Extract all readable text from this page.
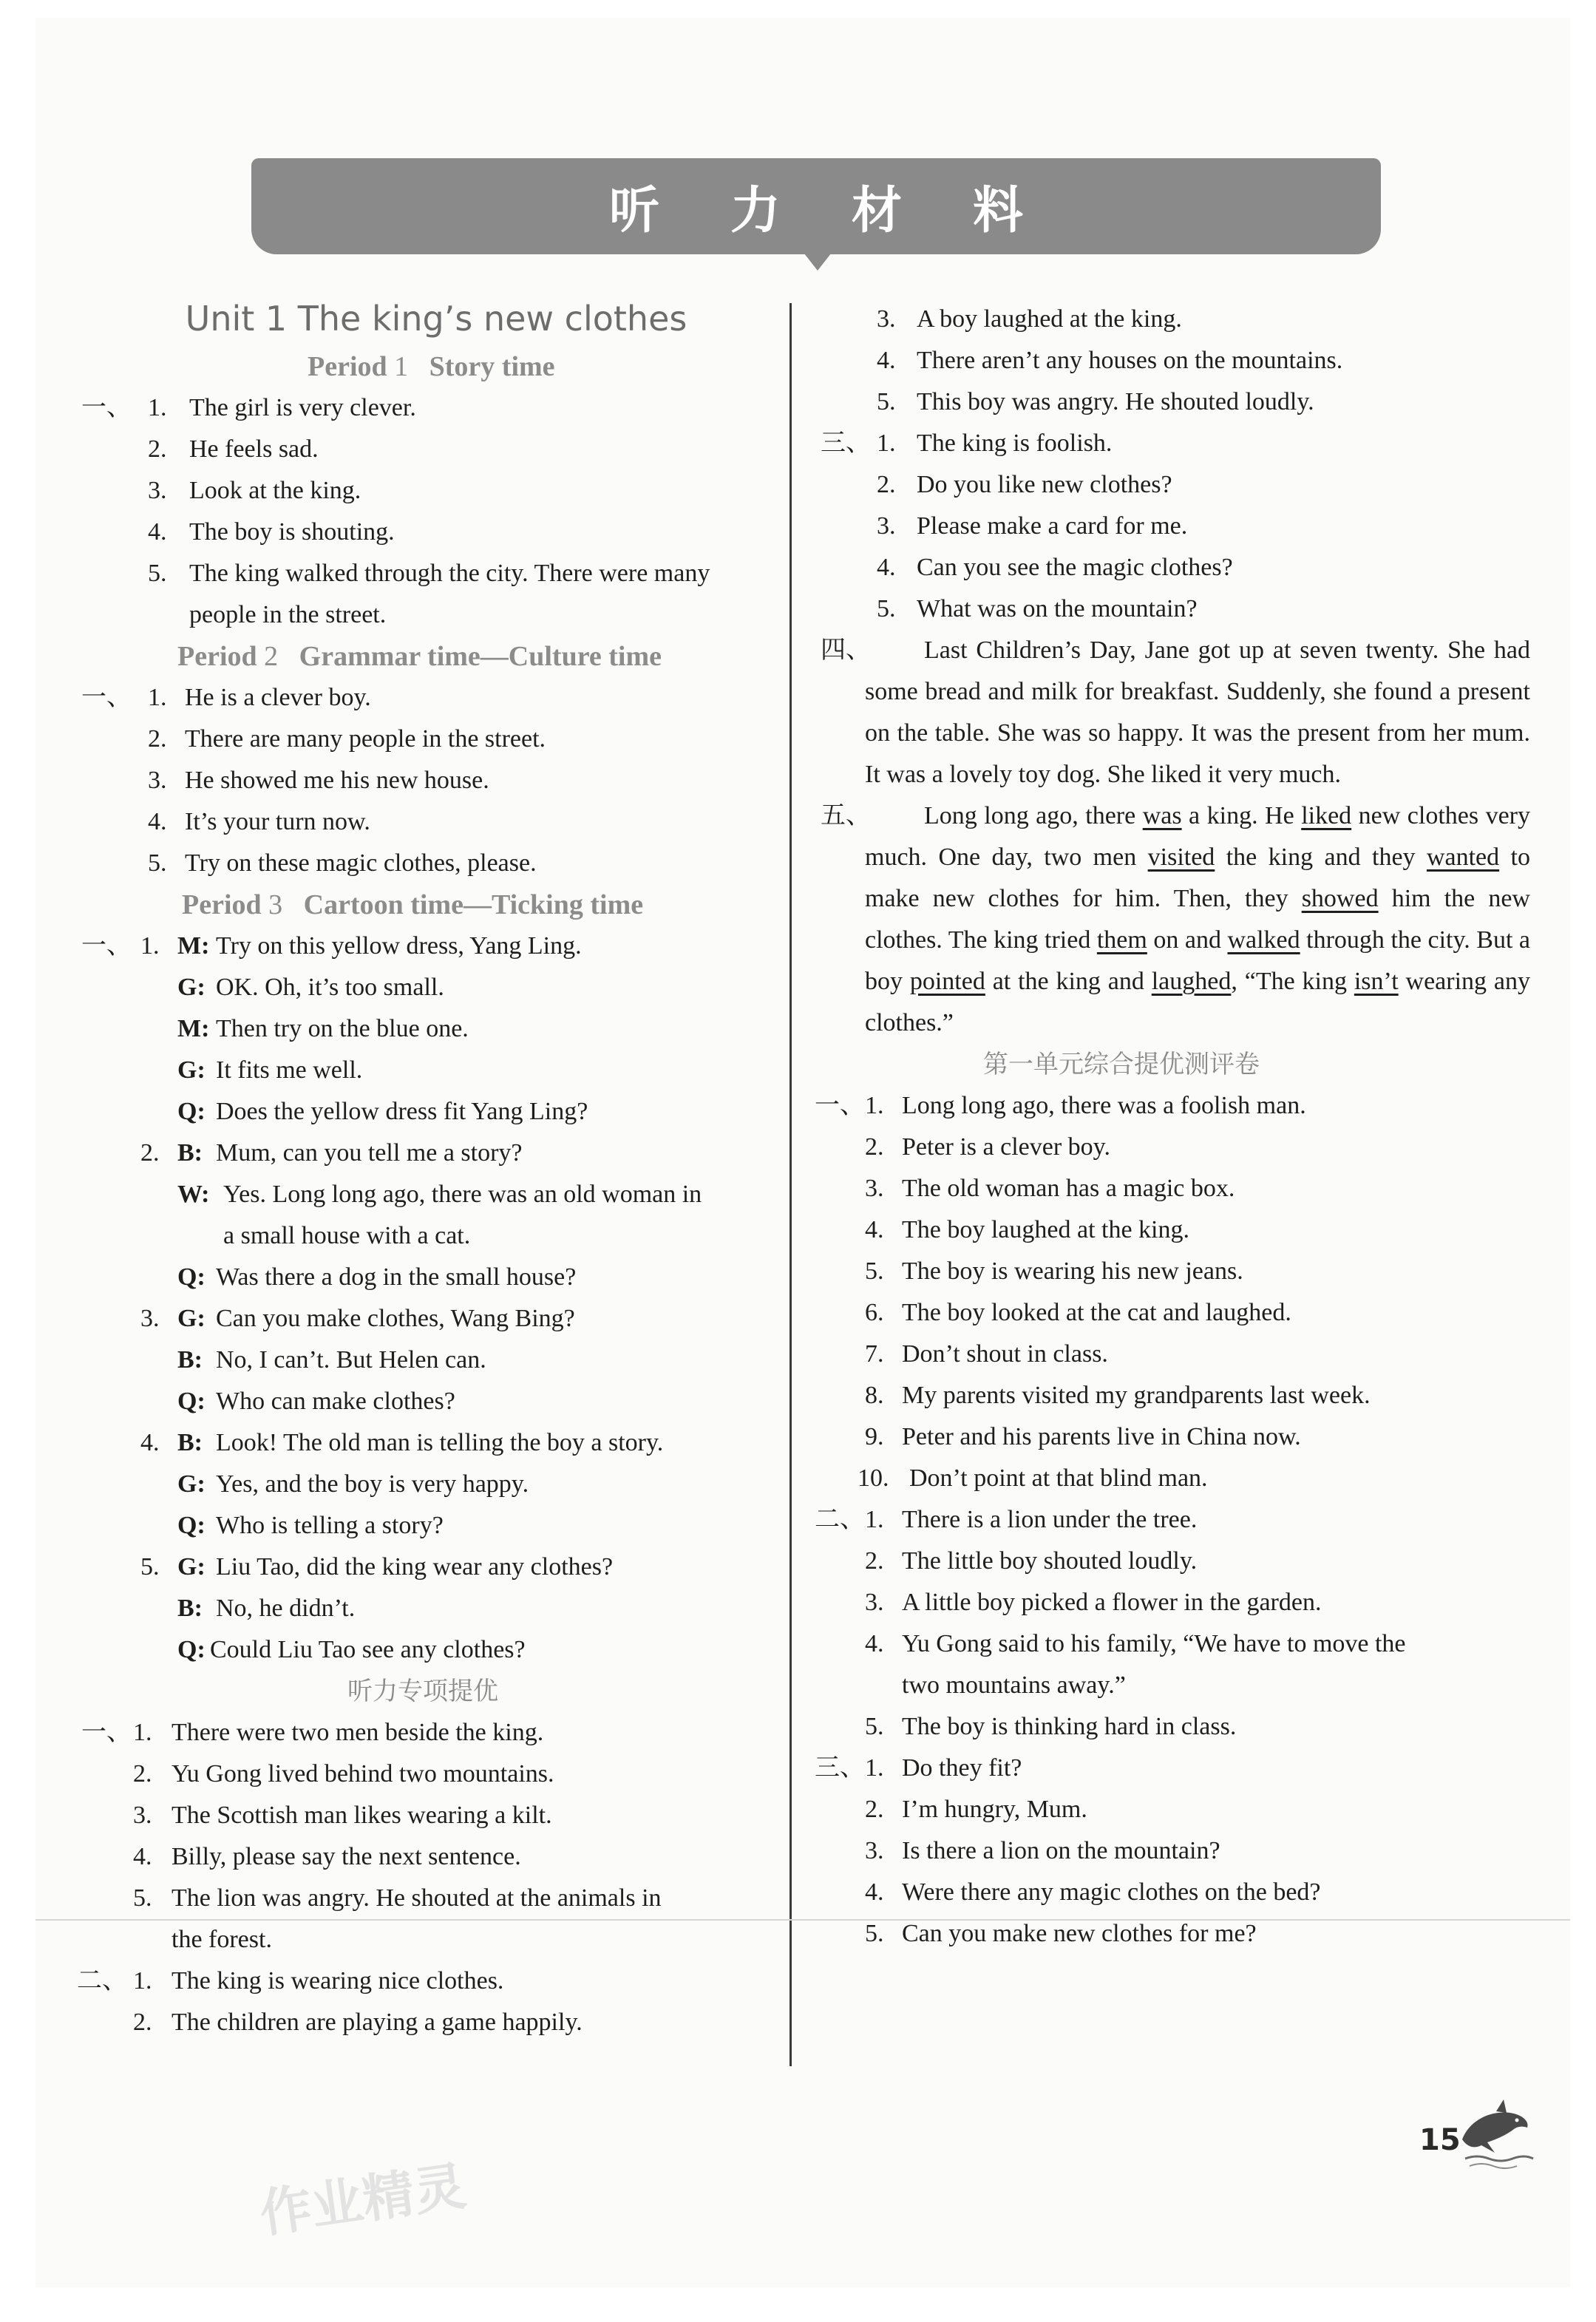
听力材料
Unit 1 The king’s new clothes
Period 1 Story time
一、 1. The girl is very clever.
2. He feels sad.
3. Look at the king.
4. The boy is shouting.
5. The king walked through the city. There were many
people in the street.
Period 2 Grammar time—Culture time
一、 1. He is a clever boy.
2. There are many people in the street.
3. He showed me his new house.
4. It’s your turn now.
5. Try on these magic clothes, please.
Period 3 Cartoon time—Ticking time
一、 1. M: Try on this yellow dress, Yang Ling.
G: OK. Oh, it’s too small.
M: Then try on the blue one.
G: It fits me well.
Q: Does the yellow dress fit Yang Ling?
2. B: Mum, can you tell me a story?
W: Yes. Long long ago, there was an old woman in
a small house with a cat.
Q: Was there a dog in the small house?
3. G: Can you make clothes, Wang Bing?
B: No, I can’t. But Helen can.
Q: Who can make clothes?
4. B: Look! The old man is telling the boy a story.
G: Yes, and the boy is very happy.
Q: Who is telling a story?
5. G: Liu Tao, did the king wear any clothes?
B: No, he didn’t.
Q: Could Liu Tao see any clothes?
听力专项提优
一、 1. There were two men beside the king.
2. Yu Gong lived behind two mountains.
3. The Scottish man likes wearing a kilt.
4. Billy, please say the next sentence.
5. The lion was angry. He shouted at the animals in
the forest.
二、 1. The king is wearing nice clothes.
2. The children are playing a game happily.
3. A boy laughed at the king.
4. There aren’t any houses on the mountains.
5. This boy was angry. He shouted loudly.
三、 1. The king is foolish.
2. Do you like new clothes?
3. Please make a card for me.
4. Can you see the magic clothes?
5. What was on the mountain?
四、	Last Children’s Day, Jane got up at seven twenty. She had some bread and milk for breakfast. Suddenly, she found a present on the table. She was so happy. It was the present from her mum. It was a lovely toy dog. She liked it very much.
五、	Long long ago, there was a king. He liked new clothes very much. One day, two men visited the king and they wanted to make new clothes for him. Then, they showed him the new clothes. The king tried them on and walked through the city. But a boy pointed at the king and laughed, “The king isn’t wearing any clothes.”
第一单元综合提优测评卷
一、 1. Long long ago, there was a foolish man.
2. Peter is a clever boy.
3. The old woman has a magic box.
4. The boy laughed at the king.
5. The boy is wearing his new jeans.
6. The boy looked at the cat and laughed.
7. Don’t shout in class.
8. My parents visited my grandparents last week.
9. Peter and his parents live in China now.
10. Don’t point at that blind man.
二、 1. There is a lion under the tree.
2. The little boy shouted loudly.
3. A little boy picked a flower in the garden.
4. Yu Gong said to his family, “We have to move the
two mountains away.”
5. The boy is thinking hard in class.
三、 1. Do they fit?
2. I’m hungry, Mum.
3. Is there a lion on the mountain?
4. Were there any magic clothes on the bed?
5. Can you make new clothes for me?
15
作业精灵
